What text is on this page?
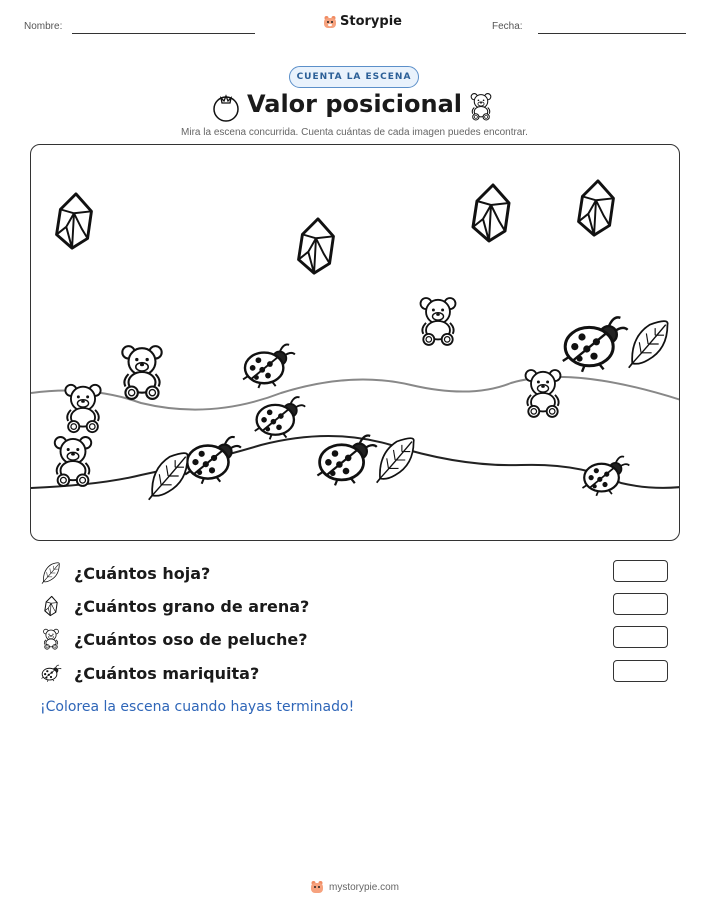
Nombre:	Storypie	Fecha:
CUENTA LA ESCENA
Valor posicional
Mira la escena concurrida. Cuenta cuántas de cada imagen puedes encontrar.
¿Cuántos hoja?
¿Cuántos grano de arena?
¿Cuántos oso de peluche?
¿Cuántos mariquita?
¡Colorea la escena cuando hayas terminado!
mystorypie.com
